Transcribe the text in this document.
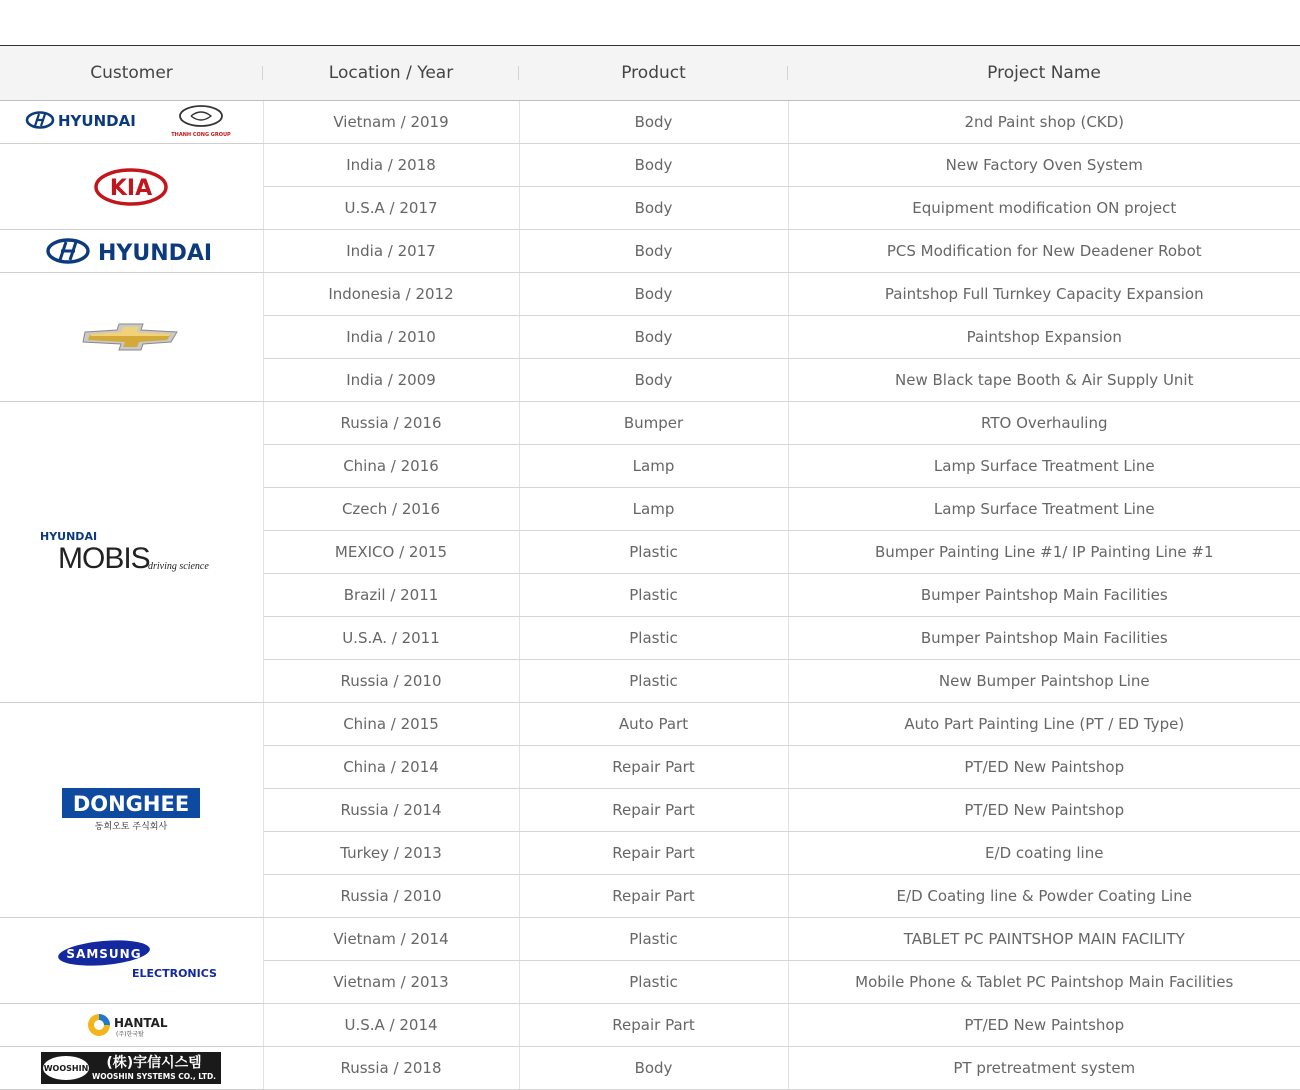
Customer	Location / Year	Product	Project Name

HYUNDAI
THANH CONG GROUP	Vietnam / 2019	Body	2nd Paint shop (CKD)

KIA	India / 2018	Body	New Factory Oven System
	U.S.A / 2017	Body	Equipment modification ON project

HYUNDAI	India / 2017	Body	PCS Modification for New Deadener Robot

	Indonesia / 2012	Body	Paintshop Full Turnkey Capacity Expansion
	India / 2010	Body	Paintshop Expansion
	India / 2009	Body	New Black tape Booth & Air Supply Unit

HYUNDAI
MOBIS
driving science	Russia / 2016	Bumper	RTO Overhauling
	China / 2016	Lamp	Lamp Surface Treatment Line
	Czech / 2016	Lamp	Lamp Surface Treatment Line
	MEXICO / 2015	Plastic	Bumper Painting Line #1/ IP Painting Line #1
	Brazil / 2011	Plastic	Bumper Paintshop Main Facilities
	U.S.A. / 2011	Plastic	Bumper Paintshop Main Facilities
	Russia / 2010	Plastic	New Bumper Paintshop Line

DONGHEE
동희오토 주식회사	China / 2015	Auto Part	Auto Part Painting Line (PT / ED Type)
	China / 2014	Repair Part	PT/ED New Paintshop
	Russia / 2014	Repair Part	PT/ED New Paintshop
	Turkey / 2013	Repair Part	E/D coating line
	Russia / 2010	Repair Part	E/D Coating line & Powder Coating Line

SAMSUNG
ELECTRONICS	Vietnam / 2014	Plastic	TABLET PC PAINTSHOP MAIN FACILITY
	Vietnam / 2013	Plastic	Mobile Phone & Tablet PC Paintshop Main Facilities

HANTAL
(주)한국탈	U.S.A / 2014	Repair Part	PT/ED New Paintshop

WOOSHIN (株)宇信시스템
WOOSHIN SYSTEMS CO., LTD.	Russia / 2018	Body	PT pretreatment system
